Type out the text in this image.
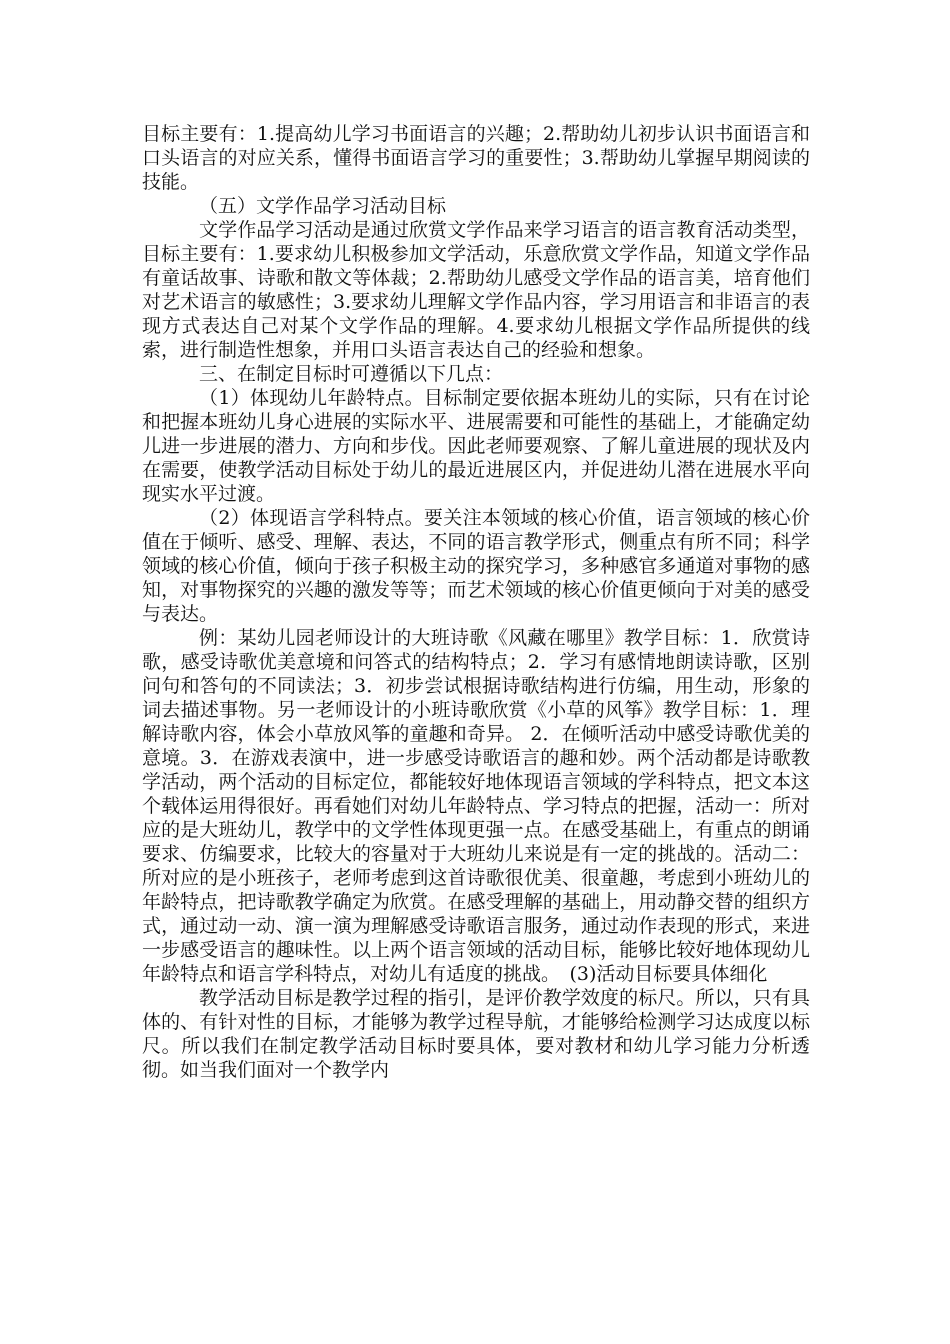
目标主要有：1.提高幼儿学习书面语言的兴趣；2.帮助幼儿初步认识书面语言和口头语言的对应关系，懂得书面语言学习的重要性；3.帮助幼儿掌握早期阅读的技能。

（五）文学作品学习活动目标

文学作品学习活动是通过欣赏文学作品来学习语言的语言教育活动类型，目标主要有：1.要求幼儿积极参加文学活动，乐意欣赏文学作品，知道文学作品有童话故事、诗歌和散文等体裁；2.帮助幼儿感受文学作品的语言美，培育他们对艺术语言的敏感性；3.要求幼儿理解文学作品内容，学习用语言和非语言的表现方式表达自己对某个文学作品的理解。4.要求幼儿根据文学作品所提供的线索，进行制造性想象，并用口头语言表达自己的经验和想象。

三、在制定目标时可遵循以下几点：

（1）体现幼儿年龄特点。目标制定要依据本班幼儿的实际，只有在讨论和把握本班幼儿身心进展的实际水平、进展需要和可能性的基础上，才能确定幼儿进一步进展的潜力、方向和步伐。因此老师要观察、了解儿童进展的现状及内在需要，使教学活动目标处于幼儿的最近进展区内，并促进幼儿潜在进展水平向现实水平过渡。

（2）体现语言学科特点。要关注本领域的核心价值，语言领域的核心价值在于倾听、感受、理解、表达，不同的语言教学形式，侧重点有所不同；科学领域的核心价值，倾向于孩子积极主动的探究学习，多种感官多通道对事物的感知，对事物探究的兴趣的激发等等；而艺术领域的核心价值更倾向于对美的感受与表达。

例：某幼儿园老师设计的大班诗歌《风藏在哪里》教学目标：1．欣赏诗歌，感受诗歌优美意境和问答式的结构特点；2．学习有感情地朗读诗歌，区别问句和答句的不同读法；3．初步尝试根据诗歌结构进行仿编，用生动，形象的词去描述事物。另一老师设计的小班诗歌欣赏《小草的风筝》教学目标：1．理解诗歌内容，体会小草放风筝的童趣和奇异。 2．在倾听活动中感受诗歌优美的意境。3．在游戏表演中，进一步感受诗歌语言的趣和妙。两个活动都是诗歌教学活动，两个活动的目标定位，都能较好地体现语言领域的学科特点，把文本这个载体运用得很好。再看她们对幼儿年龄特点、学习特点的把握，活动一：所对应的是大班幼儿，教学中的文学性体现更强一点。在感受基础上，有重点的朗诵要求、仿编要求，比较大的容量对于大班幼儿来说是有一定的挑战的。活动二：所对应的是小班孩子，老师考虑到这首诗歌很优美、很童趣，考虑到小班幼儿的年龄特点，把诗歌教学确定为欣赏。在感受理解的基础上，用动静交替的组织方式，通过动一动、演一演为理解感受诗歌语言服务，通过动作表现的形式，来进一步感受语言的趣味性。以上两个语言领域的活动目标，能够比较好地体现幼儿年龄特点和语言学科特点，对幼儿有适度的挑战。　(3)活动目标要具体细化

教学活动目标是教学过程的指引，是评价教学效度的标尺。所以，只有具体的、有针对性的目标，才能够为教学过程导航，才能够给检测学习达成度以标尺。所以我们在制定教学活动目标时要具体，要对教材和幼儿学习能力分析透彻。如当我们面对一个教学内
